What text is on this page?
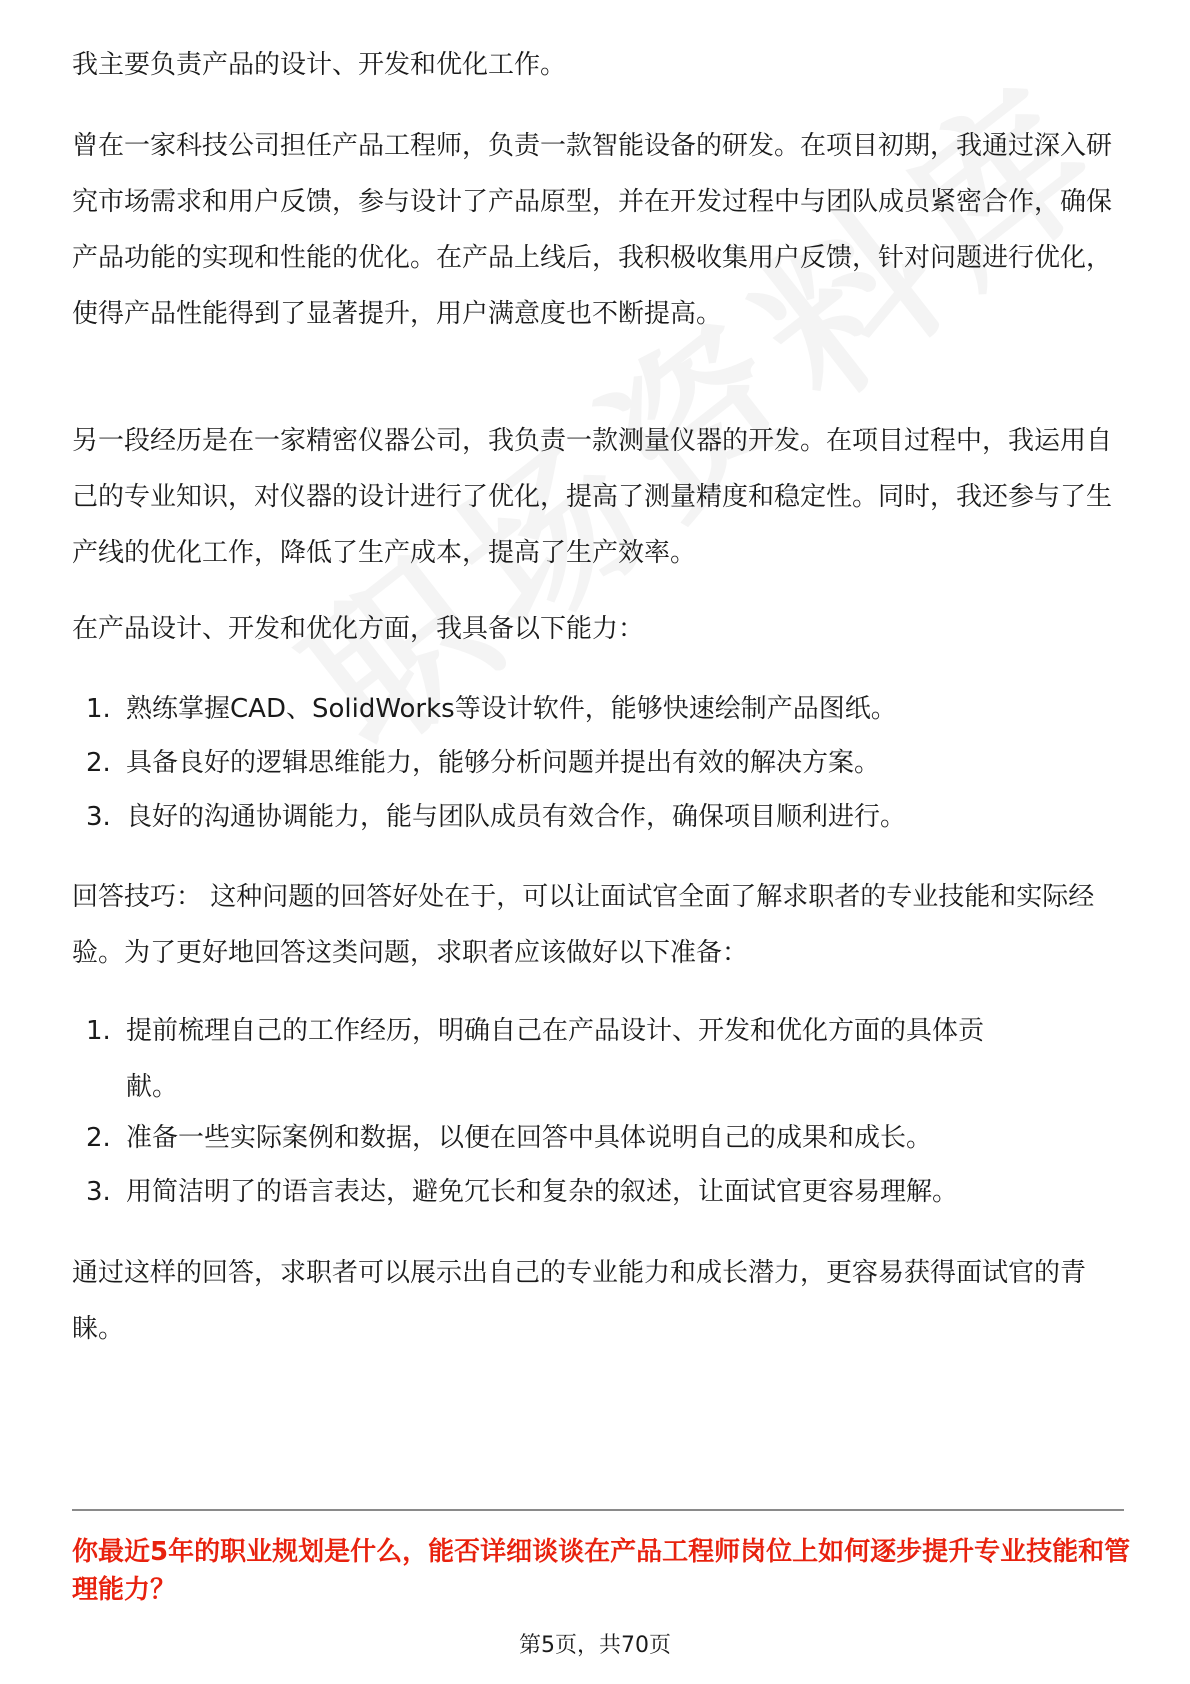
我主要负责产品的设计、开发和优化工作。

曾在一家科技公司担任产品工程师，负责一款智能设备的研发。在项目初期，我通过深入研究市场需求和用户反馈，参与设计了产品原型，并在开发过程中与团队成员紧密合作，确保产品功能的实现和性能的优化。在产品上线后，我积极收集用户反馈，针对问题进行优化，使得产品性能得到了显著提升，用户满意度也不断提高。

另一段经历是在一家精密仪器公司，我负责一款测量仪器的开发。在项目过程中，我运用自己的专业知识，对仪器的设计进行了优化，提高了测量精度和稳定性。同时，我还参与了生产线的优化工作，降低了生产成本，提高了生产效率。

在产品设计、开发和优化方面，我具备以下能力：

1. 熟练掌握CAD、SolidWorks等设计软件，能够快速绘制产品图纸。
2. 具备良好的逻辑思维能力，能够分析问题并提出有效的解决方案。
3. 良好的沟通协调能力，能与团队成员有效合作，确保项目顺利进行。

回答技巧： 这种问题的回答好处在于，可以让面试官全面了解求职者的专业技能和实际经验。为了更好地回答这类问题，求职者应该做好以下准备：

1. 提前梳理自己的工作经历，明确自己在产品设计、开发和优化方面的具体贡献。
2. 准备一些实际案例和数据，以便在回答中具体说明自己的成果和成长。
3. 用简洁明了的语言表达，避免冗长和复杂的叙述，让面试官更容易理解。

通过这样的回答，求职者可以展示出自己的专业能力和成长潜力，更容易获得面试官的青睐。

你最近5年的职业规划是什么，能否详细谈谈在产品工程师岗位上如何逐步提升专业技能和管理能力？
第5页，共70页
